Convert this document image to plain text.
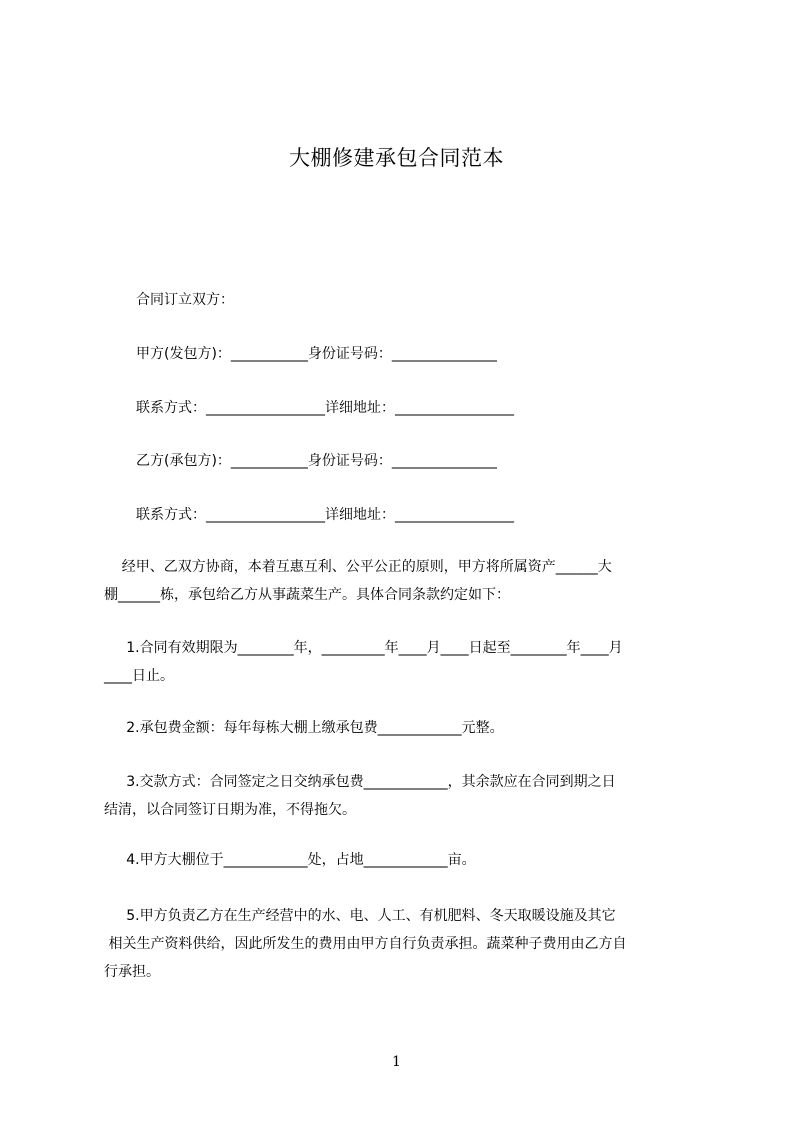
大棚修建承包合同范本

合同订立双方：

甲方(发包方)：___________身份证号码：_______________

联系方式：_________________详细地址：_________________

乙方(承包方)：___________身份证号码：_______________

联系方式：_________________详细地址：_________________

经甲、乙双方协商，本着互惠互利、公平公正的原则，甲方将所属资产______大
棚______栋，承包给乙方从事蔬菜生产。具体合同条款约定如下：
1.合同有效期限为________年，_________年____月____日起至________年____月
____日止。
2.承包费金额：每年每栋大棚上缴承包费____________元整。
3.交款方式：合同签定之日交纳承包费____________，其余款应在合同到期之日
结清，以合同签订日期为准，不得拖欠。
4.甲方大棚位于____________处，占地____________亩。
5.甲方负责乙方在生产经营中的水、电、人工、有机肥料、冬天取暖设施及其它
相关生产资料供给，因此所发生的费用由甲方自行负责承担。蔬菜种子费用由乙方自
行承担。
1
